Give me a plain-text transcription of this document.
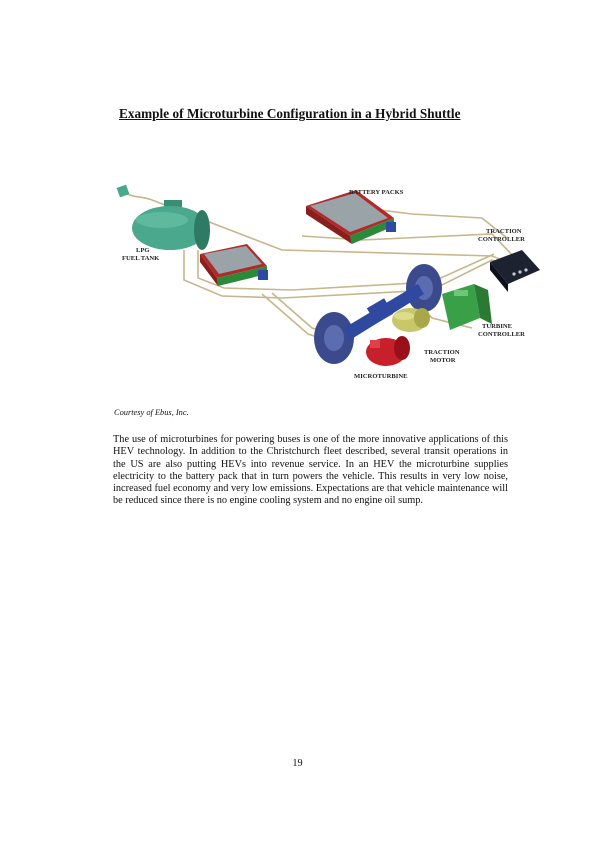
Example of Microturbine Configuration in a Hybrid Shuttle
BATTERY PACKS
TRACTION
CONTROLLER
LPG
FUEL TANK
TURBINE
CONTROLLER
TRACTION
MOTOR
MICROTURBINE

Courtesy of Ebus, Inc.

The use of microturbines for powering buses is one of the more innovative applications of this HEV technology. In addition to the Christchurch fleet described, several transit operations in the US are also putting HEVs into revenue service. In an HEV the microturbine supplies electricity to the battery pack that in turn powers the vehicle. This results in very low noise, increased fuel economy and very low emissions. Expectations are that vehicle maintenance will be reduced since there is no engine cooling system and no engine oil sump.

19
